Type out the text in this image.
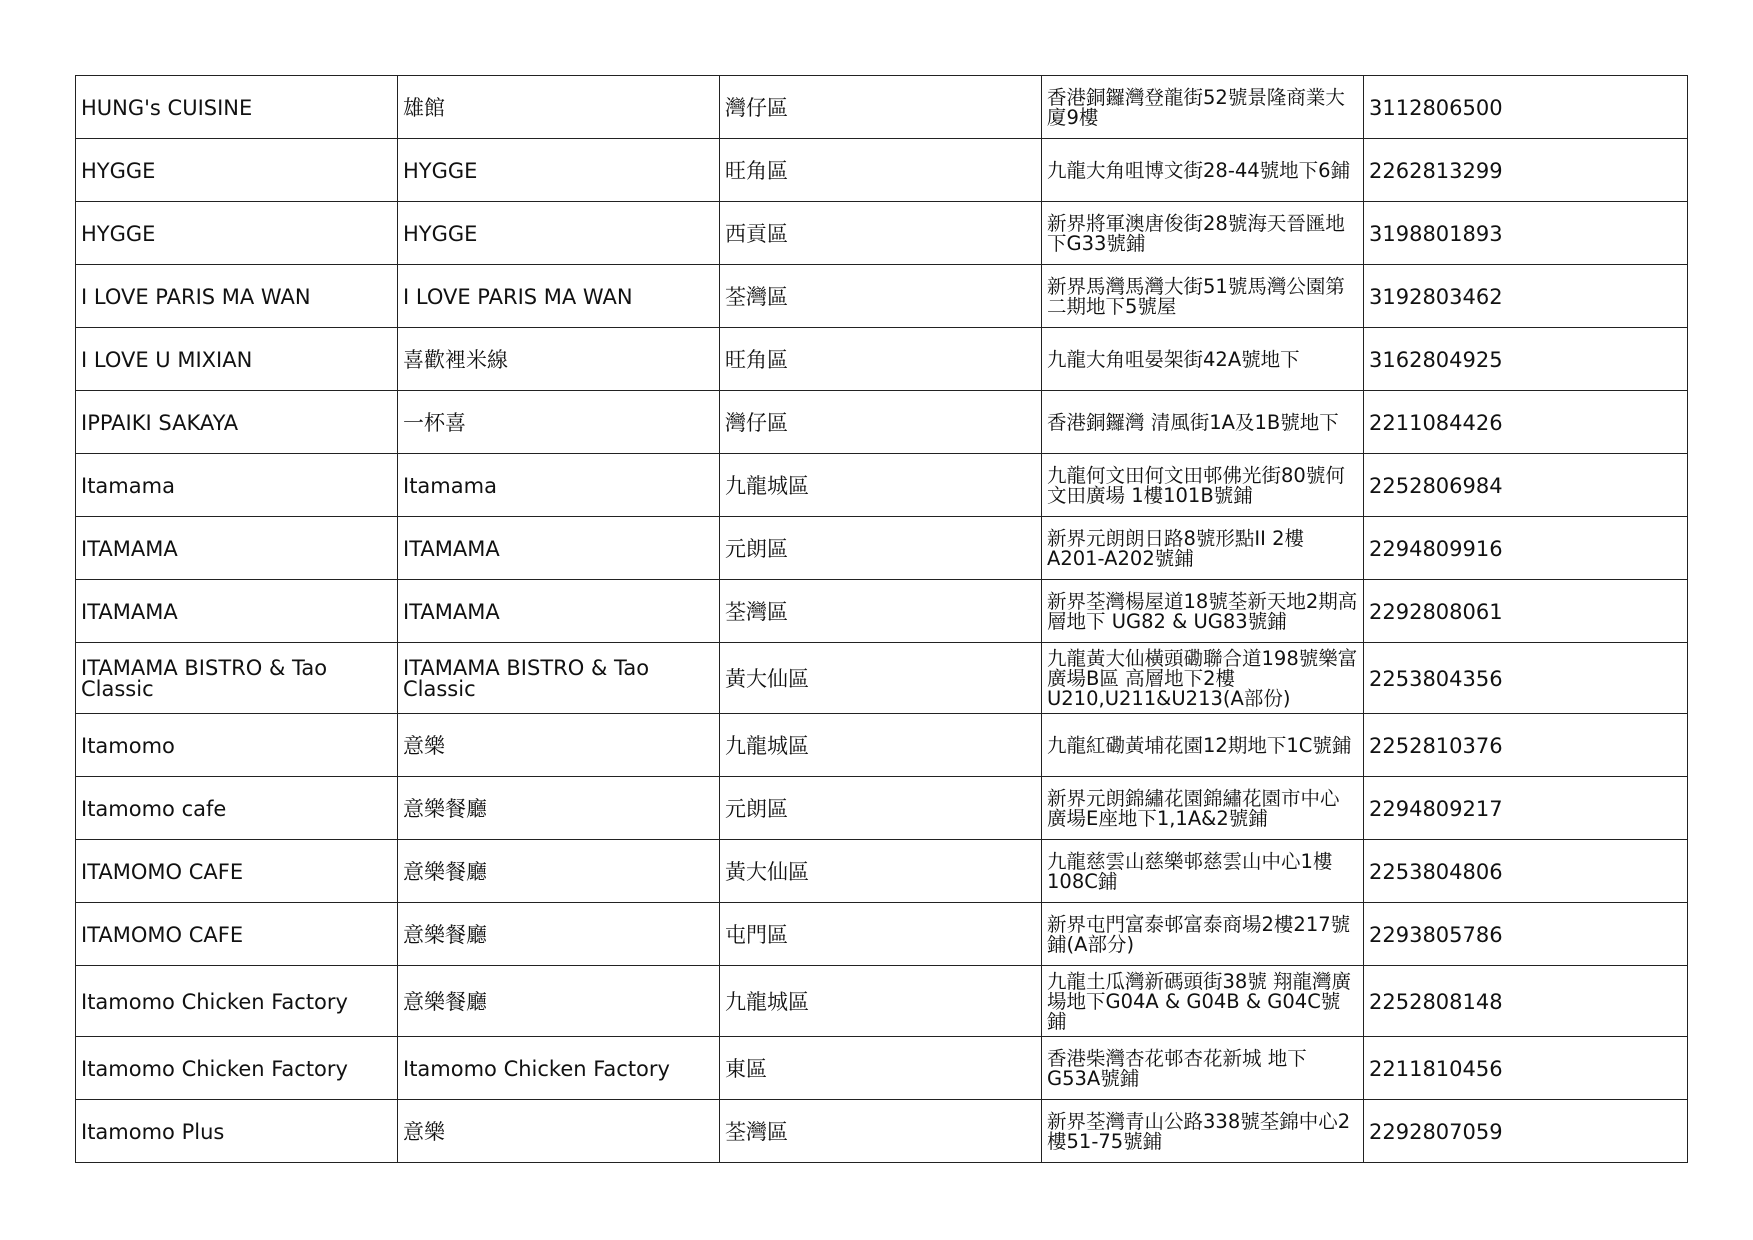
HUNG's CUISINE	雄館	灣仔區	香港銅鑼灣登龍街52號景隆商業大廈9樓	3112806500
HYGGE	HYGGE	旺角區	九龍大角咀博文街28-44號地下6鋪	2262813299
HYGGE	HYGGE	西貢區	新界將軍澳唐俊街28號海天晉匯地下G33號鋪	3198801893
I LOVE PARIS MA WAN	I LOVE PARIS MA WAN	荃灣區	新界馬灣馬灣大街51號馬灣公園第二期地下5號屋	3192803462
I LOVE U MIXIAN	喜歡裡米線	旺角區	九龍大角咀晏架街42A號地下	3162804925
IPPAIKI SAKAYA	一杯喜	灣仔區	香港銅鑼灣 清風街1A及1B號地下	2211084426
Itamama	Itamama	九龍城區	九龍何文田何文田邨佛光街80號何文田廣場 1樓101B號鋪	2252806984
ITAMAMA	ITAMAMA	元朗區	新界元朗朗日路8號形點II 2樓A201-A202號鋪	2294809916
ITAMAMA	ITAMAMA	荃灣區	新界荃灣楊屋道18號荃新天地2期高層地下 UG82 & UG83號鋪	2292808061
ITAMAMA BISTRO & Tao Classic	ITAMAMA BISTRO & Tao Classic	黃大仙區	九龍黃大仙橫頭磡聯合道198號樂富廣場B區 高層地下2樓U210,U211&U213(A部份)	2253804356
Itamomo	意樂	九龍城區	九龍紅磡黃埔花園12期地下1C號鋪	2252810376
Itamomo cafe	意樂餐廳	元朗區	新界元朗錦繡花園錦繡花園市中心廣場E座地下1,1A&2號鋪	2294809217
ITAMOMO CAFE	意樂餐廳	黃大仙區	九龍慈雲山慈樂邨慈雲山中心1樓108C鋪	2253804806
ITAMOMO CAFE	意樂餐廳	屯門區	新界屯門富泰邨富泰商場2樓217號鋪(A部分)	2293805786
Itamomo Chicken Factory	意樂餐廳	九龍城區	九龍土瓜灣新碼頭街38號 翔龍灣廣場地下G04A & G04B & G04C號鋪	2252808148
Itamomo Chicken Factory	Itamomo Chicken Factory	東區	香港柴灣杏花邨杏花新城 地下G53A號鋪	2211810456
Itamomo Plus	意樂	荃灣區	新界荃灣青山公路338號荃錦中心2樓51-75號鋪	2292807059
